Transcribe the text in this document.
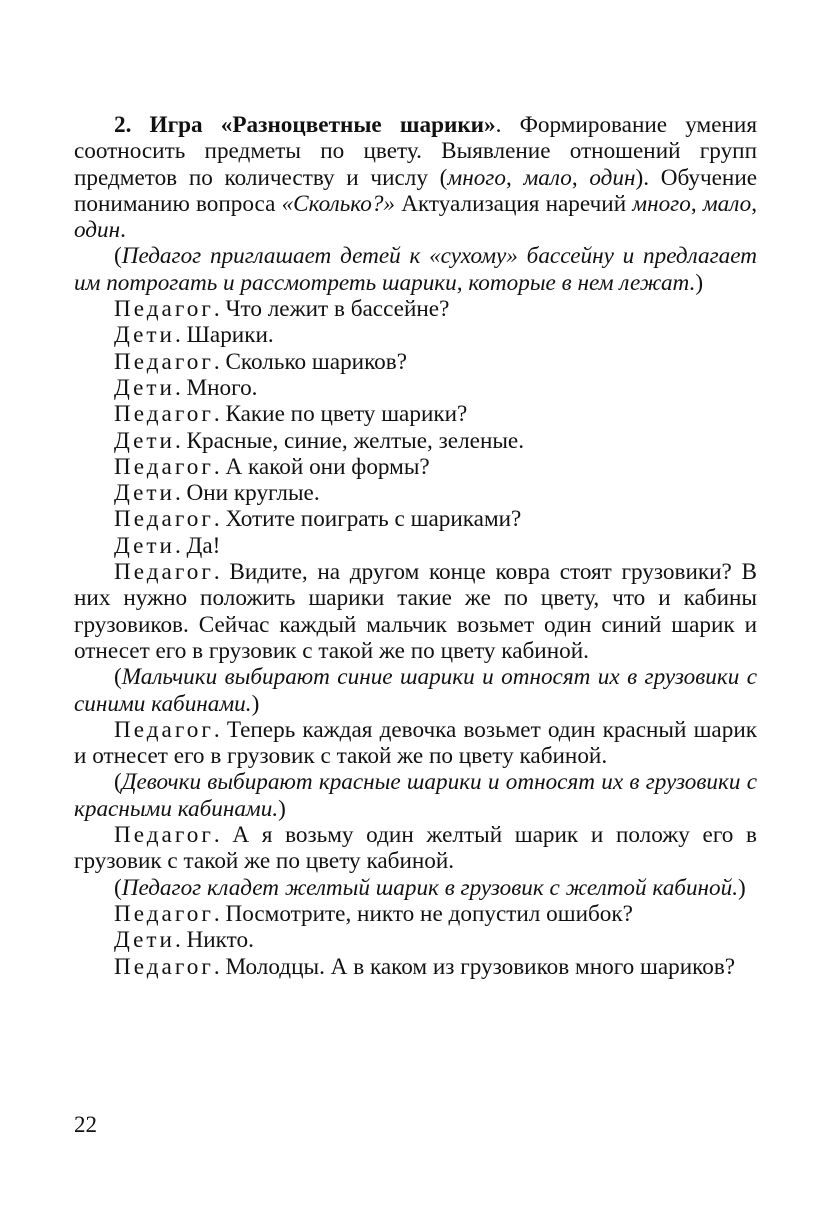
2. Игра «Разноцветные шарики». Формирование умения соотносить предметы по цвету. Выявление отношений групп предметов по количеству и числу (много, мало, один). Обучение пониманию вопроса «Сколько?» Актуализация наречий много, мало, один.

(Педагог приглашает детей к «сухому» бассейну и предлагает им потрогать и рассмотреть шарики, которые в нем лежат.)

Педагог. Что лежит в бассейне?

Дети. Шарики.

Педагог. Сколько шариков?

Дети. Много.

Педагог. Какие по цвету шарики?

Дети. Красные, синие, желтые, зеленые.

Педагог. А какой они формы?

Дети. Они круглые.

Педагог. Хотите поиграть с шариками?

Дети. Да!

Педагог. Видите, на другом конце ковра стоят грузовики? В них нужно положить шарики такие же по цвету, что и кабины грузовиков. Сейчас каждый мальчик возьмет один синий шарик и отнесет его в грузовик с такой же по цвету кабиной.

(Мальчики выбирают синие шарики и относят их в грузовики с синими кабинами.)

Педагог. Теперь каждая девочка возьмет один красный шарик и отнесет его в грузовик с такой же по цвету кабиной.

(Девочки выбирают красные шарики и относят их в грузовики с красными кабинами.)

Педагог. А я возьму один желтый шарик и положу его в грузовик с такой же по цвету кабиной.

(Педагог кладет желтый шарик в грузовик с желтой кабиной.)

Педагог. Посмотрите, никто не допустил ошибок?

Дети. Никто.

Педагог. Молодцы. А в каком из грузовиков много шариков?

22
